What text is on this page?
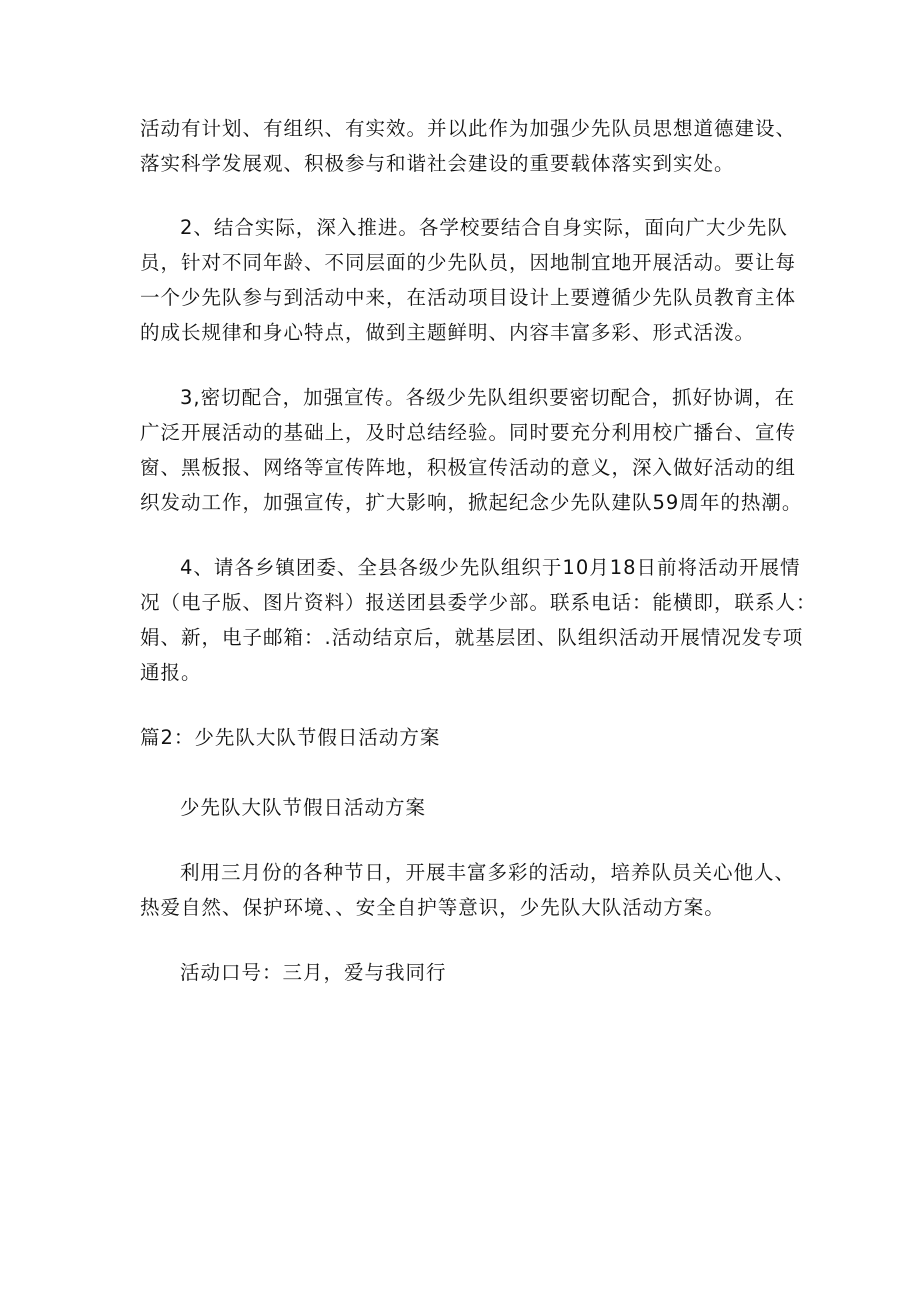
活动有计划、有组织、有实效。并以此作为加强少先队员思想道德建设、
落实科学发展观、积极参与和谐社会建设的重要载体落实到实处。
2、结合实际，深入推进。各学校要结合自身实际，面向广大少先队
员，针对不同年龄、不同层面的少先队员，因地制宜地开展活动。要让每
一个少先队参与到活动中来，在活动项目设计上要遵循少先队员教育主体
的成长规律和身心特点，做到主题鲜明、内容丰富多彩、形式活泼。
3,密切配合，加强宣传。各级少先队组织要密切配合，抓好协调，在
广泛开展活动的基础上，及时总结经验。同时要充分利用校广播台、宣传
窗、黑板报、网络等宣传阵地，积极宣传活动的意义，深入做好活动的组
织发动工作，加强宣传，扩大影响，掀起纪念少先队建队59周年的热潮。
4、请各乡镇团委、全县各级少先队组织于10月18日前将活动开展情
况（电子版、图片资料）报送团县委学少部。联系电话：能横即，联系人：
娟、新，电子邮箱：.活动结京后，就基层团、队组织活动开展情况发专项
通报。
篇2：少先队大队节假日活动方案
少先队大队节假日活动方案
利用三月份的各种节日，开展丰富多彩的活动，培养队员关心他人、
热爱自然、保护环境、、安全自护等意识，少先队大队活动方案。
活动口号：三月，爱与我同行
